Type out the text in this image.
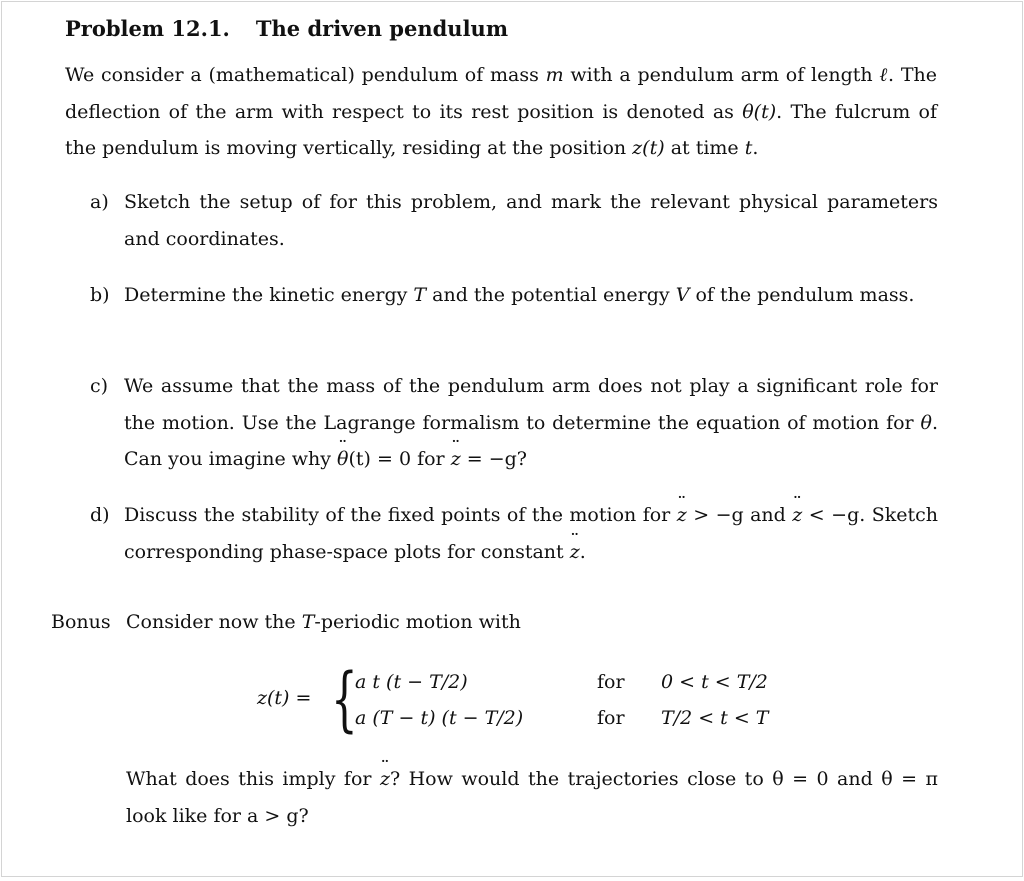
Problem 12.1. The driven pendulum
We consider a (mathematical) pendulum of mass m with a pendulum arm of length ℓ. The deflection of the arm with respect to its rest position is denoted as θ(t). The fulcrum of the pendulum is moving vertically, residing at the position z(t) at time t.
a) Sketch the setup of for this problem, and mark the relevant physical parameters and coordinates.
b) Determine the kinetic energy T and the potential energy V of the pendulum mass.
c) We assume that the mass of the pendulum arm does not play a significant role for the motion. Use the Lagrange formalism to determine the equation of motion for θ. Can you imagine why θ ¨(t) = 0 for z ¨ = −g?
d) Discuss the stability of the fixed points of the motion for z ¨ > −g and z ¨ < −g. Sketch corresponding phase-space plots for constant z ¨.
Bonus Consider now the T-periodic motion with
z(t) = {
a t (t − T/2)	for 0 < t < T/2
a (T − t) (t − T/2)	for T/2 < t < T
What does this imply for z ¨? How would the trajectories close to θ = 0 and θ = π look like for a > g?
